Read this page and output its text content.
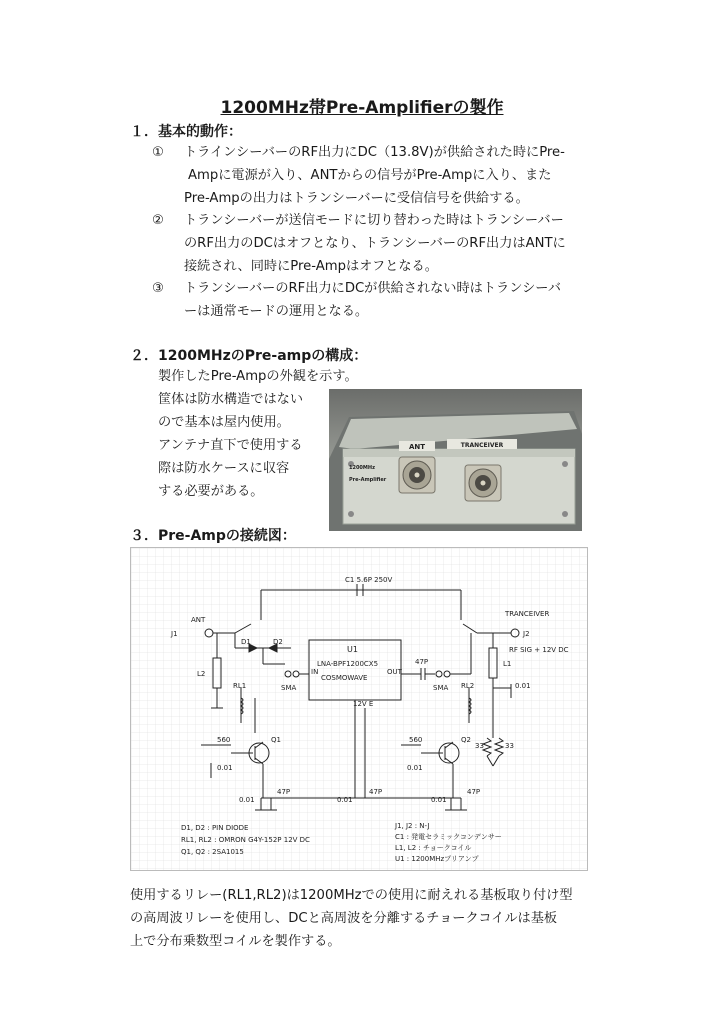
1200MHz帯Pre-Amplifierの製作
１．基本的動作：
① トラインシーバーのRF出力にDC（13.8V)が供給された時にPre-
Ampに電源が入り、ANTからの信号がPre-Ampに入り、また
Pre-Ampの出力はトランシーバーに受信信号を供給する。
② トランシーバーが送信モードに切り替わった時はトランシーバー
のRF出力のDCはオフとなり、トランシーバーのRF出力はANTに
接続され、同時にPre-Ampはオフとなる。
③ トランシーバーのRF出力にDCが供給されない時はトランシーバ
ーは通常モードの運用となる。
２．1200MHzのPre-ampの構成：
製作したPre-Ampの外観を示す。
筐体は防水構造ではない
ので基本は屋内使用。
アンテナ直下で使用する
際は防水ケースに収容
する必要がある。
ANT	TRANCEIVER
1200MHz
Pre-Amplifier
３．Pre-Ampの接続図：
C1 5.6P 250V
ANT
J1	J2
TRANCEIVER
RF SIG + 12V DC
D1	D2
L2
L1
U1
LNA-BPF1200CX5
COSMOWAVE
IN	OUT
SMA	SMA
47P
12V E
RL1	RL2	0.01
Q1	Q2
560	560
0.01	0.01
33	33
0.01
47P
0.01
47P
0.01
47P
D1, D2 : PIN DIODE
RL1, RL2 : OMRON G4Y-152P 12V DC
Q1, Q2 : 2SA1015
J1, J2 : N-J
C1 : 発電セラミックコンデンサー
L1, L2 : チョークコイル
U1 : 1200MHzプリアンプ
使用するリレー(RL1,RL2)は1200MHzでの使用に耐えれる基板取り付け型
の高周波リレーを使用し、DCと高周波を分離するチョークコイルは基板
上で分布乗数型コイルを製作する。
